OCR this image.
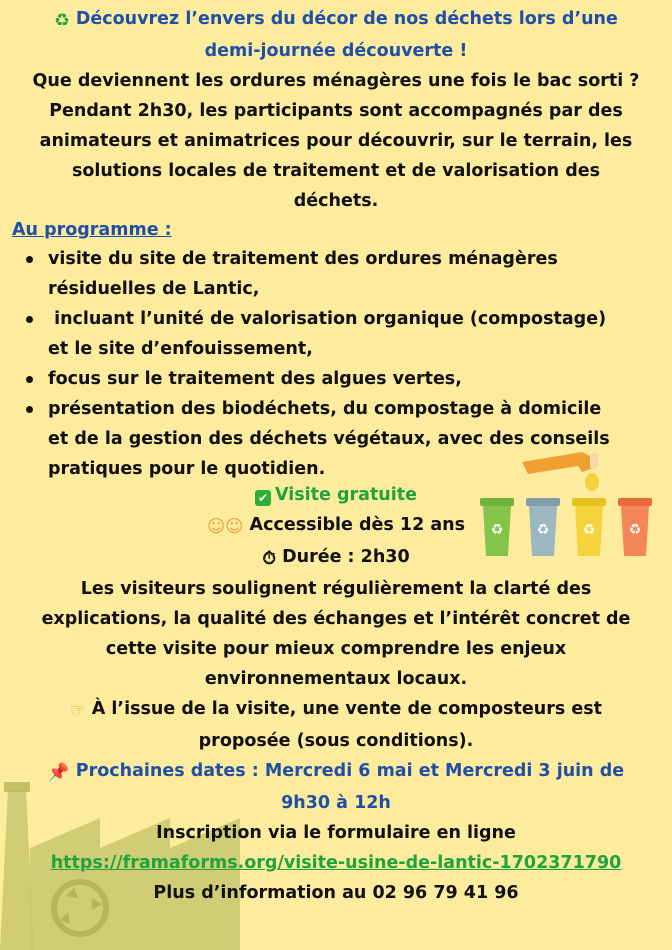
♻ ♻ ♻ ♻
♻ Découvrez l’envers du décor de nos déchets lors d’une
demi-journée découverte !
Que deviennent les ordures ménagères une fois le bac sorti ?
Pendant 2h30, les participants sont accompagnés par des
animateurs et animatrices pour découvrir, sur le terrain, les
solutions locales de traitement et de valorisation des
déchets.
Au programme :
visite du site de traitement des ordures ménagères
résiduelles de Lantic,
incluant l’unité de valorisation organique (compostage)
et le site d’enfouissement,
focus sur le traitement des algues vertes,
présentation des biodéchets, du compostage à domicile
et de la gestion des déchets végétaux, avec des conseils
pratiques pour le quotidien.
✔ Visite gratuite
☺☺ Accessible dès 12 ans
⏱ Durée : 2h30
Les visiteurs soulignent régulièrement la clarté des
explications, la qualité des échanges et l’intérêt concret de
cette visite pour mieux comprendre les enjeux
environnementaux locaux.
☞ À l’issue de la visite, une vente de composteurs est
proposée (sous conditions).
📌 Prochaines dates : Mercredi 6 mai et Mercredi 3 juin de
9h30 à 12h
Inscription via le formulaire en ligne
https://framaforms.org/visite-usine-de-lantic-1702371790
Plus d’information au 02 96 79 41 96
